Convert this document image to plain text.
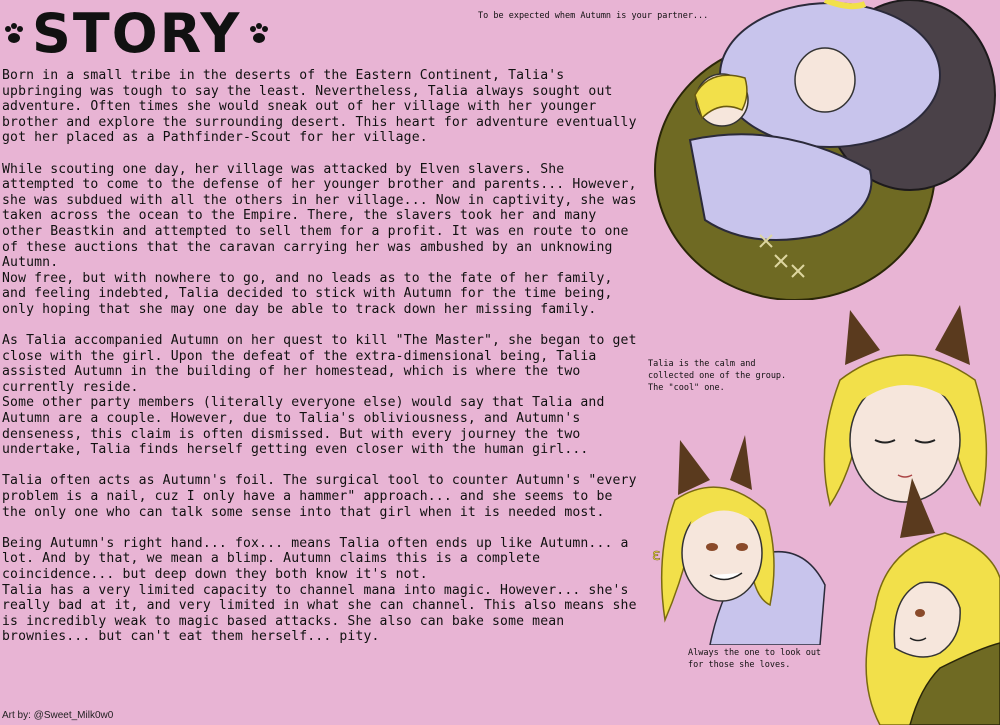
STORY

Born in a small tribe in the deserts of the Eastern Continent, Talia's upbringing was tough to say the least. Nevertheless, Talia always sought out adventure. Often times she would sneak out of her village with her younger brother and explore the surrounding desert. This heart for adventure eventually got her placed as a Pathfinder-Scout for her village.

While scouting one day, her village was attacked by Elven slavers. She attempted to come to the defense of her younger brother and parents... However, she was subdued with all the others in her village... Now in captivity, she was taken across the ocean to the Empire. There, the slavers took her and many other Beastkin and attempted to sell them for a profit. It was en route to one of these auctions that the caravan carrying her was ambushed by an unknowing Autumn.
Now free, but with nowhere to go, and no leads as to the fate of her family, and feeling indebted, Talia decided to stick with Autumn for the time being, only hoping that she may one day be able to track down her missing family.

As Talia accompanied Autumn on her quest to kill "The Master", she began to get close with the girl. Upon the defeat of the extra-dimensional being, Talia assisted Autumn in the building of her homestead, which is where the two currently reside.
Some other party members (literally everyone else) would say that Talia and Autumn are a couple. However, due to Talia's obliviousness, and Autumn's denseness, this claim is often dismissed. But with every journey the two undertake, Talia finds herself getting even closer with the human girl...

Talia often acts as Autumn's foil. The surgical tool to counter Autumn's "every problem is a nail, cuz I only have a hammer" approach... and she seems to be the only one who can talk some sense into that girl when it is needed most.

Being Autumn's right hand... fox... means Talia often ends up like Autumn... a lot. And by that, we mean a blimp. Autumn claims this is a complete coincidence... but deep down they both know it's not.
Talia has a very limited capacity to channel mana into magic. However... she's really bad at it, and very limited in what she can channel. This also means she is incredibly weak to magic based attacks. She also can bake some mean brownies... but can't eat them herself... pity.

Art by: @Sweet_Milk0w0
To be expected whem Autumn is your partner...
Talia is the calm and
collected one of the group.
The "cool" one.
ε
Always the one to look out
for those she loves.
